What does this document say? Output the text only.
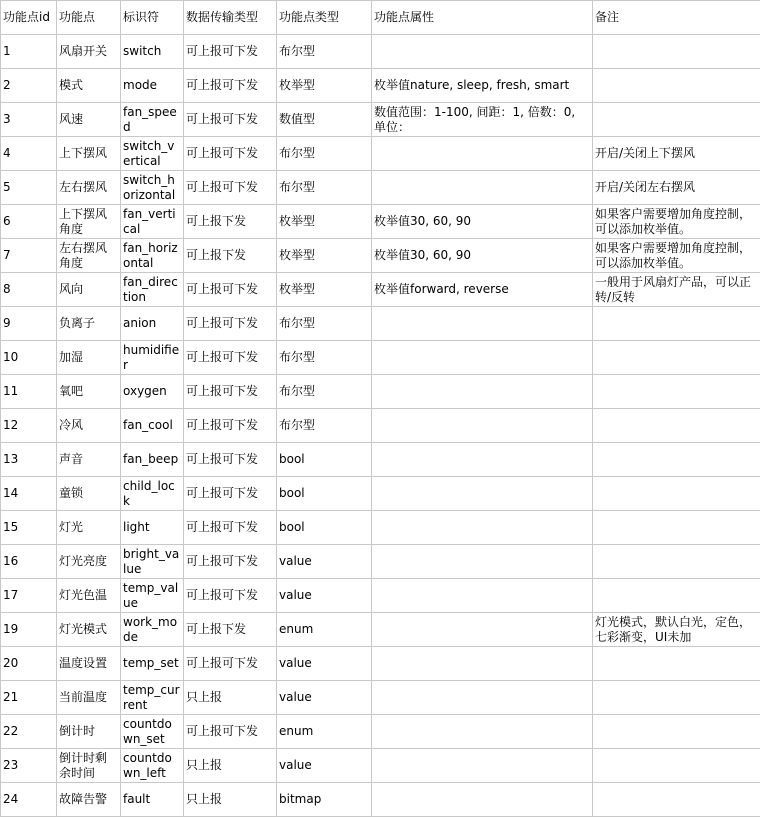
功能点id	功能点	标识符	数据传输类型	功能点类型	功能点属性	备注
1	风扇开关	switch	可上报可下发	布尔型		
2	模式	mode	可上报可下发	枚举型	枚举值nature, sleep, fresh, smart	
3	风速	fan_speed	可上报可下发	数值型	数值范围：1-100, 间距：1, 倍数：0, 单位：	
4	上下摆风	switch_vertical	可上报可下发	布尔型		开启/关闭上下摆风
5	左右摆风	switch_horizontal	可上报可下发	布尔型		开启/关闭左右摆风
6	上下摆风角度	fan_vertical	可上报下发	枚举型	枚举值30, 60, 90	如果客户需要增加角度控制，可以添加枚举值。
7	左右摆风角度	fan_horizontal	可上报下发	枚举型	枚举值30, 60, 90	如果客户需要增加角度控制，可以添加枚举值。
8	风向	fan_direction	可上报可下发	枚举型	枚举值forward, reverse	一般用于风扇灯产品，可以正转/反转
9	负离子	anion	可上报可下发	布尔型		
10	加湿	humidifier	可上报可下发	布尔型		
11	氧吧	oxygen	可上报可下发	布尔型		
12	冷风	fan_cool	可上报可下发	布尔型		
13	声音	fan_beep	可上报可下发	bool		
14	童锁	child_lock	可上报可下发	bool		
15	灯光	light	可上报可下发	bool		
16	灯光亮度	bright_value	可上报可下发	value		
17	灯光色温	temp_value	可上报可下发	value		
19	灯光模式	work_mode	可上报下发	enum		灯光模式，默认白光，定色，七彩渐变，UI未加
20	温度设置	temp_set	可上报可下发	value		
21	当前温度	temp_current	只上报	value		
22	倒计时	countdown_set	可上报可下发	enum		
23	倒计时剩余时间	countdown_left	只上报	value		
24	故障告警	fault	只上报	bitmap		
